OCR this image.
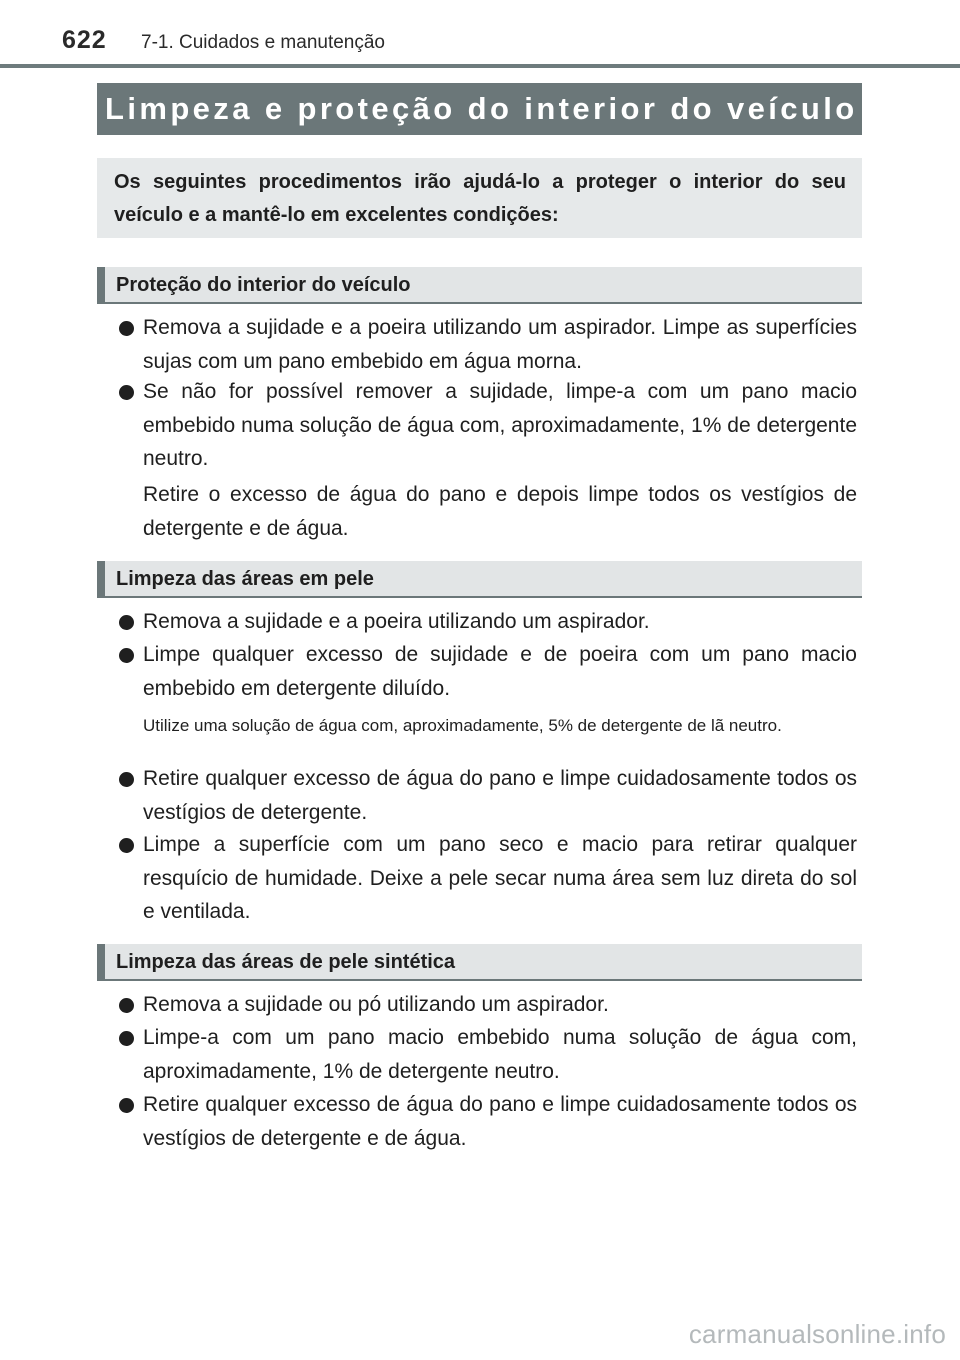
622 7-1. Cuidados e manutenção
Limpeza e proteção do interior do veículo
Os seguintes procedimentos irão ajudá-lo a proteger o interior do seu veículo e a mantê-lo em excelentes condições:
Proteção do interior do veículo
Remova a sujidade e a poeira utilizando um aspirador. Limpe as superfícies sujas com um pano embebido em água morna.
Se não for possível remover a sujidade, limpe-a com um pano macio embebido numa solução de água com, aproximadamente, 1% de detergente neutro.
Retire o excesso de água do pano e depois limpe todos os vestígios de detergente e de água.
Limpeza das áreas em pele
Remova a sujidade e a poeira utilizando um aspirador.
Limpe qualquer excesso de sujidade e de poeira com um pano macio embebido em detergente diluído.
Utilize uma solução de água com, aproximadamente, 5% de detergente de lã neutro.
Retire qualquer excesso de água do pano e limpe cuidadosamente todos os vestígios de detergente.
Limpe a superfície com um pano seco e macio para retirar qualquer resquício de humidade. Deixe a pele secar numa área sem luz direta do sol e ventilada.
Limpeza das áreas de pele sintética
Remova a sujidade ou pó utilizando um aspirador.
Limpe-a com um pano macio embebido numa solução de água com, aproximadamente, 1% de detergente neutro.
Retire qualquer excesso de água do pano e limpe cuidadosamente todos os vestígios de detergente e de água.
carmanualsonline.info
